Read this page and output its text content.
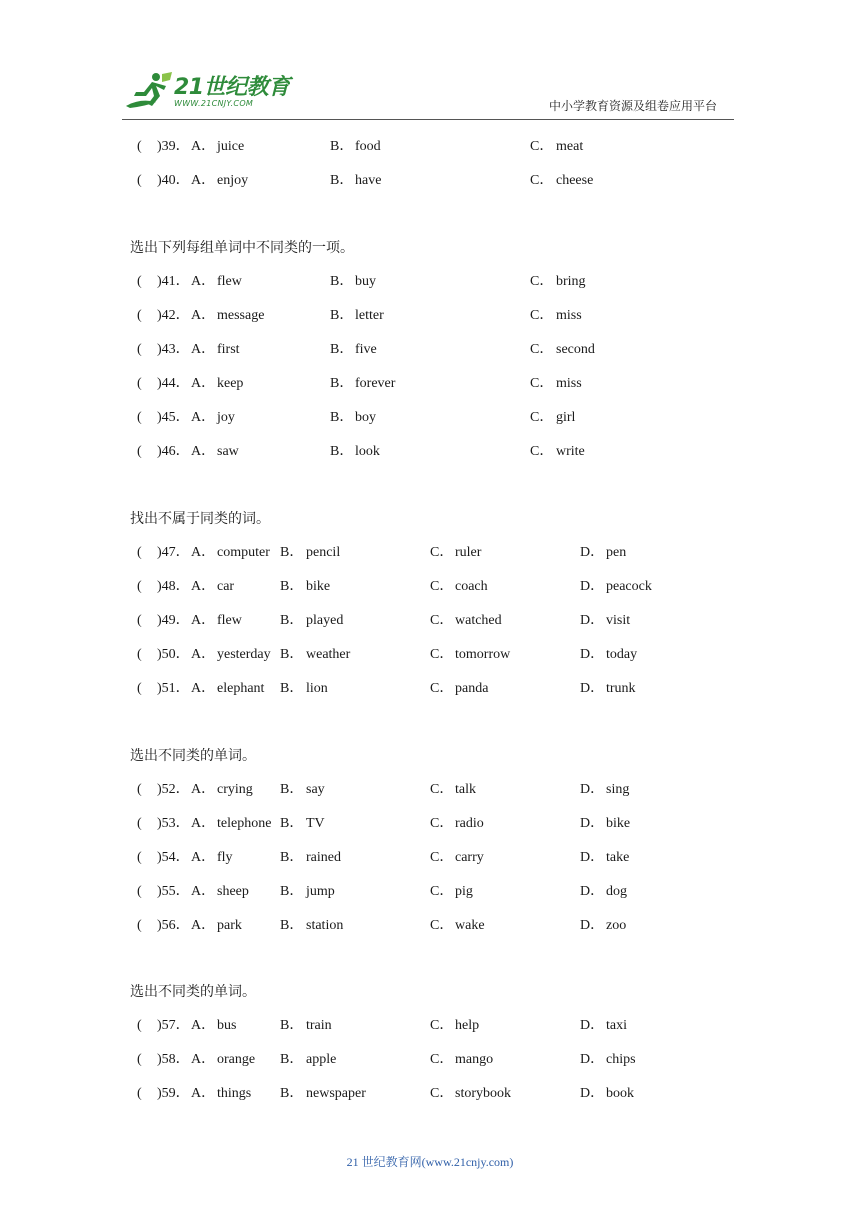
21世纪教育
WWW.21CNJY.COM	中小学教育资源及组卷应用平台
( )39． A． juice	B． food	C． meat
( )40． A． enjoy	B． have	C． cheese
选出下列每组单词中不同类的一项。
( )41． A． flew	B． buy	C． bring
( )42． A． message	B． letter	C． miss
( )43． A． first	B． five	C． second
( )44． A． keep	B． forever	C． miss
( )45． A． joy	B． boy	C． girl
( )46． A． saw	B． look	C． write
找出不属于同类的词。
( )47． A． computer B． pencil	C． ruler	D． pen
( )48． A． car	B． bike	C． coach	D． peacock
( )49． A． flew	B． played	C． watched	D． visit
( )50． A． yesterday B． weather	C． tomorrow	D． today
( )51． A． elephant B． lion	C． panda	D． trunk
选出不同类的单词。
( )52． A． crying B． say	C． talk	D． sing
( )53． A． telephone B． TV	C． radio	D． bike
( )54． A． fly	B． rained	C． carry	D． take
( )55． A． sheep B． jump	C． pig	D． dog
( )56． A． park	B． station	C． wake	D． zoo
选出不同类的单词。
( )57． A． bus	B． train	C． help	D． taxi
( )58． A． orange B． apple	C． mango	D． chips
( )59． A． things B． newspaper	C． storybook	D． book
21 世纪教育网(www.21cnjy.com)
